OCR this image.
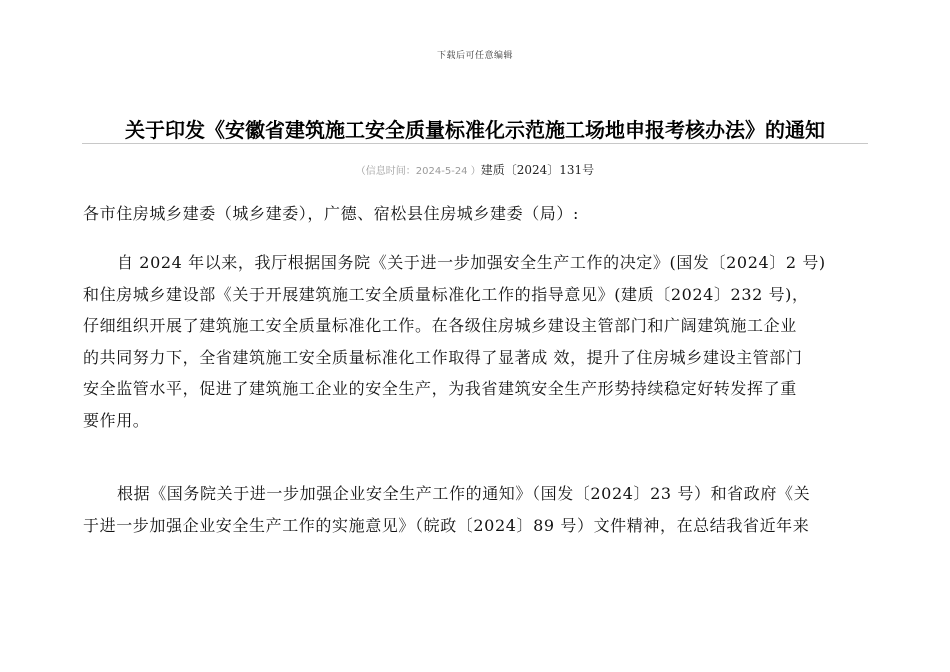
下载后可任意编辑
关于印发《安徽省建筑施工安全质量标准化示范施工场地申报考核办法》的通知
（信息时间：2024-5-24 ）建质〔2024〕131号
各市住房城乡建委（城乡建委），广德、宿松县住房城乡建委（局）:
自 2024 年以来，我厅根据国务院《关于进一步加强安全生产工作的决定》(国发〔2024〕2 号)
和住房城乡建设部《关于开展建筑施工安全质量标准化工作的指导意见》(建质〔2024〕232 号)，
仔细组织开展了建筑施工安全质量标准化工作。在各级住房城乡建设主管部门和广阔建筑施工企业
的共同努力下，全省建筑施工安全质量标准化工作取得了显著成 效，提升了住房城乡建设主管部门
安全监管水平，促进了建筑施工企业的安全生产，为我省建筑安全生产形势持续稳定好转发挥了重
要作用。
根据《国务院关于进一步加强企业安全生产工作的通知》（国发〔2024〕23 号）和省政府《关
于进一步加强企业安全生产工作的实施意见》（皖政〔2024〕89 号）文件精神，在总结我省近年来
